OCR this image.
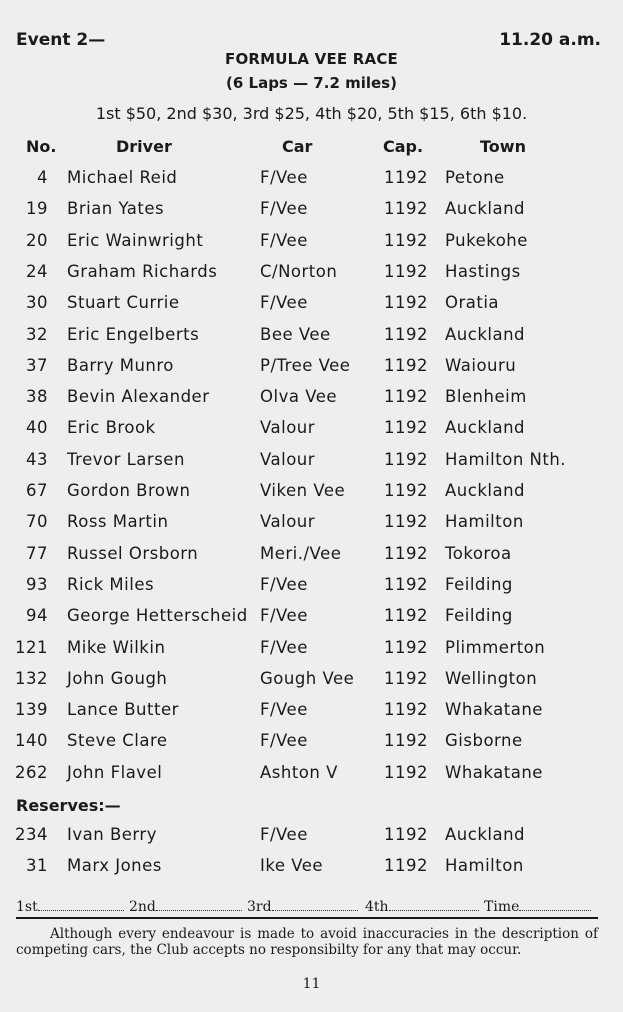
Event 2—	11.20 a.m.
FORMULA VEE RACE
(6 Laps — 7.2 miles)
1st $50, 2nd $30, 3rd $25, 4th $20, 5th $15, 6th $10.
No.	Driver	Car	Cap.	Town
4 Michael Reid	F/Vee	1192 Petone
19 Brian Yates	F/Vee	1192 Auckland
20 Eric Wainwright	F/Vee	1192 Pukekohe
24 Graham Richards	C/Norton	1192 Hastings
30 Stuart Currie	F/Vee	1192 Oratia
32 Eric Engelberts	Bee Vee	1192 Auckland
37 Barry Munro	P/Tree Vee 1192 Waiouru
38 Bevin Alexander	Olva Vee	1192 Blenheim
40 Eric Brook	Valour	1192 Auckland
43 Trevor Larsen	Valour	1192 Hamilton Nth.
67 Gordon Brown	Viken Vee 1192 Auckland
70 Ross Martin	Valour	1192 Hamilton
77 Russel Orsborn	Meri./Vee	1192 Tokoroa
93 Rick Miles	F/Vee	1192 Feilding
94 George Hetterscheid F/Vee	1192 Feilding
121 Mike Wilkin	F/Vee	1192 Plimmerton
132 John Gough	Gough Vee 1192 Wellington
139 Lance Butter	F/Vee	1192 Whakatane
140 Steve Clare	F/Vee	1192 Gisborne
262 John Flavel	Ashton V	1192 Whakatane
Reserves:—
234 Ivan Berry	F/Vee	1192 Auckland
31 Marx Jones	Ike Vee	1192 Hamilton
1st	2nd	3rd	4th	Time
Although every endeavour is made to avoid inaccuracies in the description of competing cars, the Club accepts no responsibilty for any that may occur.
11
